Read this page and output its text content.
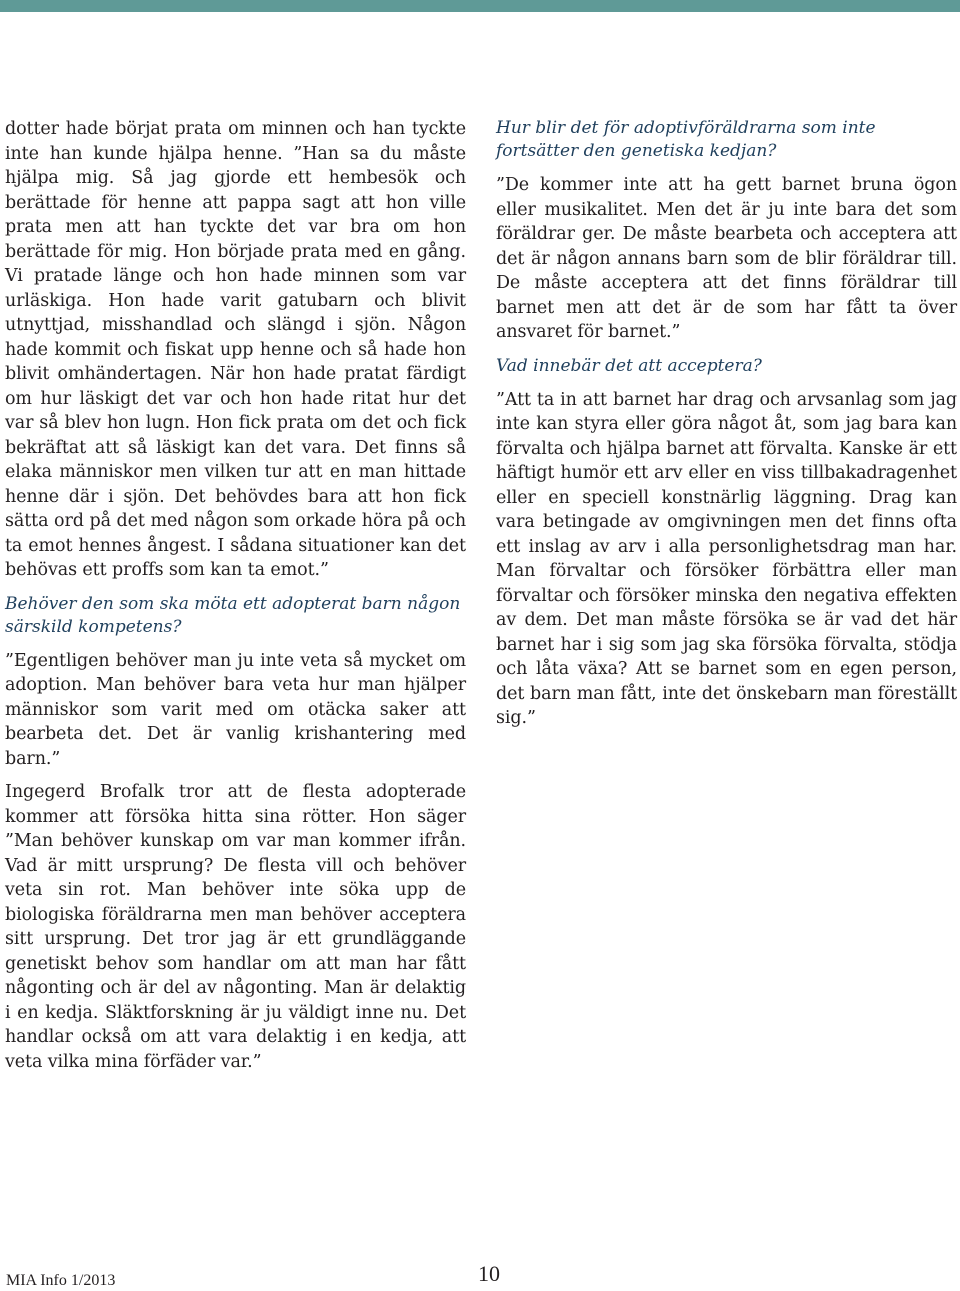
dotter hade börjat prata om minnen och han tyckte inte han kunde hjälpa henne. ”Han sa du måste hjälpa mig. Så jag gjorde ett hembesök och berättade för henne att pappa sagt att hon ville prata men att han tyckte det var bra om hon berättade för mig. Hon började prata med en gång. Vi pratade länge och hon hade minnen som var urläskiga. Hon hade varit gatubarn och blivit utnyttjad, misshandlad och slängd i sjön. Någon hade kommit och fiskat upp henne och så hade hon blivit omhändertagen. När hon hade pratat färdigt om hur läskigt det var och hon hade ritat hur det var så blev hon lugn. Hon fick prata om det och fick bekräftat att så läskigt kan det vara. Det finns så elaka människor men vilken tur att en man hittade henne där i sjön. Det behövdes bara att hon fick sätta ord på det med någon som orkade höra på och ta emot hennes ångest. I sådana situationer kan det behövas ett proffs som kan ta emot.”

Behöver den som ska möta ett adopterat barn någon särskild kompetens?

”Egentligen behöver man ju inte veta så mycket om adoption. Man behöver bara veta hur man hjälper människor som varit med om otäcka saker att bearbeta det. Det är vanlig krishantering med barn.”

Ingegerd Brofalk tror att de flesta adopterade kommer att försöka hitta sina rötter. Hon säger ”Man behöver kunskap om var man kommer ifrån. Vad är mitt ursprung? De flesta vill och behöver veta sin rot. Man behöver inte söka upp de biologiska föräldrarna men man behöver acceptera sitt ursprung. Det tror jag är ett grundläggande genetiskt behov som handlar om att man har fått någonting och är del av någonting. Man är delaktig i en kedja. Släktforskning är ju väldigt inne nu. Det handlar också om att vara delaktig i en kedja, att veta vilka mina förfäder var.”

Hur blir det för adoptivföräldrarna som inte fortsätter den genetiska kedjan?

”De kommer inte att ha gett barnet bruna ögon eller musikalitet. Men det är ju inte bara det som föräldrar ger. De måste bearbeta och acceptera att det är någon annans barn som de blir föräldrar till. De måste acceptera att det finns föräldrar till barnet men att det är de som har fått ta över ansvaret för barnet.”

Vad innebär det att acceptera?

”Att ta in att barnet har drag och arvsanlag som jag inte kan styra eller göra något åt, som jag bara kan förvalta och hjälpa barnet att förvalta. Kanske är ett häftigt humör ett arv eller en viss tillbakadragenhet eller en speciell konstnärlig läggning. Drag kan vara betingade av omgivningen men det finns ofta ett inslag av arv i alla personlighetsdrag man har. Man förvaltar och försöker förbättra eller man förvaltar och försöker minska den negativa effekten av dem. Det man måste försöka se är vad det här barnet har i sig som jag ska försöka förvalta, stödja och låta växa? Att se barnet som en egen person, det barn man fått, inte det önskebarn man föreställt sig.”

MIA Info 1/2013	10
